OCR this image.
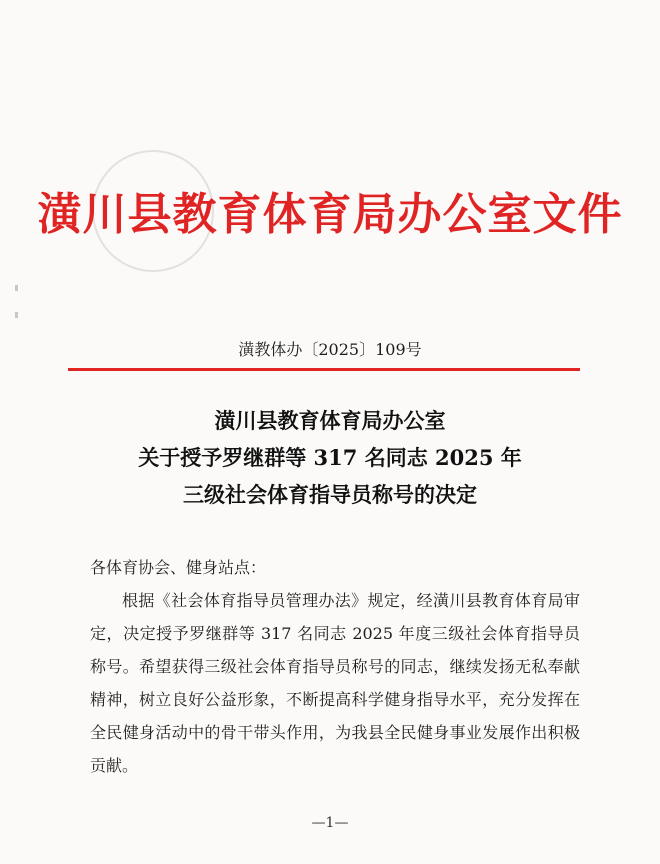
潢川县教育体育局办公室文件
潢教体办〔2025〕109号
潢川县教育体育局办公室
关于授予罗继群等 317 名同志 2025 年
三级社会体育指导员称号的决定

各体育协会、健身站点：

根据《社会体育指导员管理办法》规定，经潢川县教育体育局审定，决定授予罗继群等 317 名同志 2025 年度三级社会体育指导员称号。希望获得三级社会体育指导员称号的同志，继续发扬无私奉献精神，树立良好公益形象，不断提高科学健身指导水平，充分发挥在全民健身活动中的骨干带头作用，为我县全民健身事业发展作出积极贡献。

—1—
